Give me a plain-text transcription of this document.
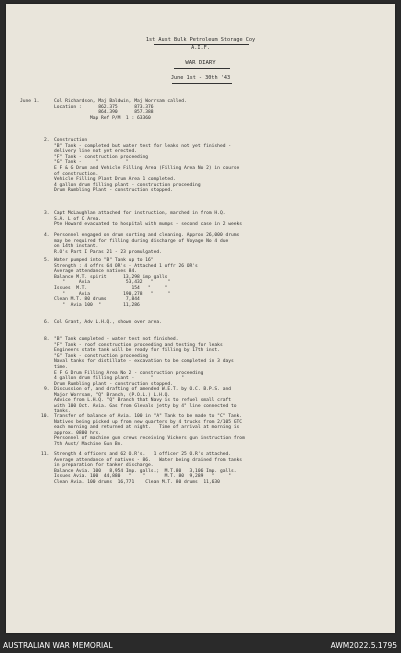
1st Aust Bulk Petroleum Storage Coy
A.I.F.
WAR DIARY
June 1st - 30th '43
June 1.	Col Richardson, Maj Baldwin, Maj Worrsam called.
Location :      862.375      873.376
864.390      857.388
Map Ref P/M  1 : 63360
2. Construction
"B" Tank - completed but water test for leaks not yet finished -
delivery line not yet erected.
"F" Tank - construction proceeding
"G" Tank -     "          "
E F & G Drum and Vehicle Filling Area (Filling Area No 2) in course
of construction.
Vehicle Filling Plant Drum Area 1 completed.
4 gallon drum filling plant - construction proceeding
Drum Rumbling Plant - construction stopped.
3. Capt McLaughlan attached for instruction, marched in from H.Q.
S.A. L of C Area.
Pte Howard evacuated to hospital with mumps - second case in 2 weeks
4. Personnel engaged on drum sorting and cleaning. Approx 26,000 drums
may be required for filling during discharge of Voyage No 4 due
on 14th instant.
R.O's Part I Paras 21 - 23 promulgated.
5. Water pumped into "B" Tank up to 16"
Strength : 4 offrs 64 OR's - Attached 1 offr 26 OR's
Average attendance natives 84.
Balance M.T. spirit      13,298 imp galls
"     Avia             53,432   "     "
Issues  M.T.                154   "     "
"     Avia            190,278   "     "
Clean M.T. 80 drums       7,844
"  Avia 100  "        11,286
6. Col Grant, Adv L.H.Q., shown over area.
8. "B" Tank completed - water test not finished.
"F" Tank - roof construction proceeding and testing for leaks
Engineers state tank will be ready for filling by 17th inst.
"G" Tank - construction proceeding
Naval tanks for distillate - excavation to be completed in 3 days
time.
E F G Drum Filling Area No 2 - construction proceeding
4 gallon drum filling plant -      "          "
Drum Rumbling plant - construction stopped.
9. Discussion of, and drafting of amended W.E.T. by O.C. B.P.S. and
Major Worrsam, "Q" Branch, (P.O.L.) L.H.Q.
Advice from L.H.Q. "Q" Branch that Navy is to refuel small craft
with 100 Oct. Avia. Gas from Glevals jetty by 4" line connected to
tanks.
10. Transfer of balance of Avia. 100 in "A" Tank to be made to "C" Tank.
Natives being picked up from new quarters by 4 trucks from 2/105 GTC
each morning and returned at night.   Time of arrival at morning is
approx. 0800 hrs.
Personnel of machine gun crews receiving Vickers gun instruction from
7th Aust/ Machine Gun Bn.
11. Strength 4 officers and 62 O.R's.   1 officer 25 O.R's attached.
Average attendance of natives - 86.   Water being drained from tanks
in preparation for tanker discharge.
Balance Avia. 100   8,954 Imp. galls.;  M.T.80   3,106 Imp. galls.
Issues Avia. 100  44,880   "    "       M.T. 80  9,289   "     "
Clean Avia. 100 drums  16,771    Clean M.T. 80 drums  11,630
AUSTRALIAN WAR MEMORIAL	AWM2022.5.1795
